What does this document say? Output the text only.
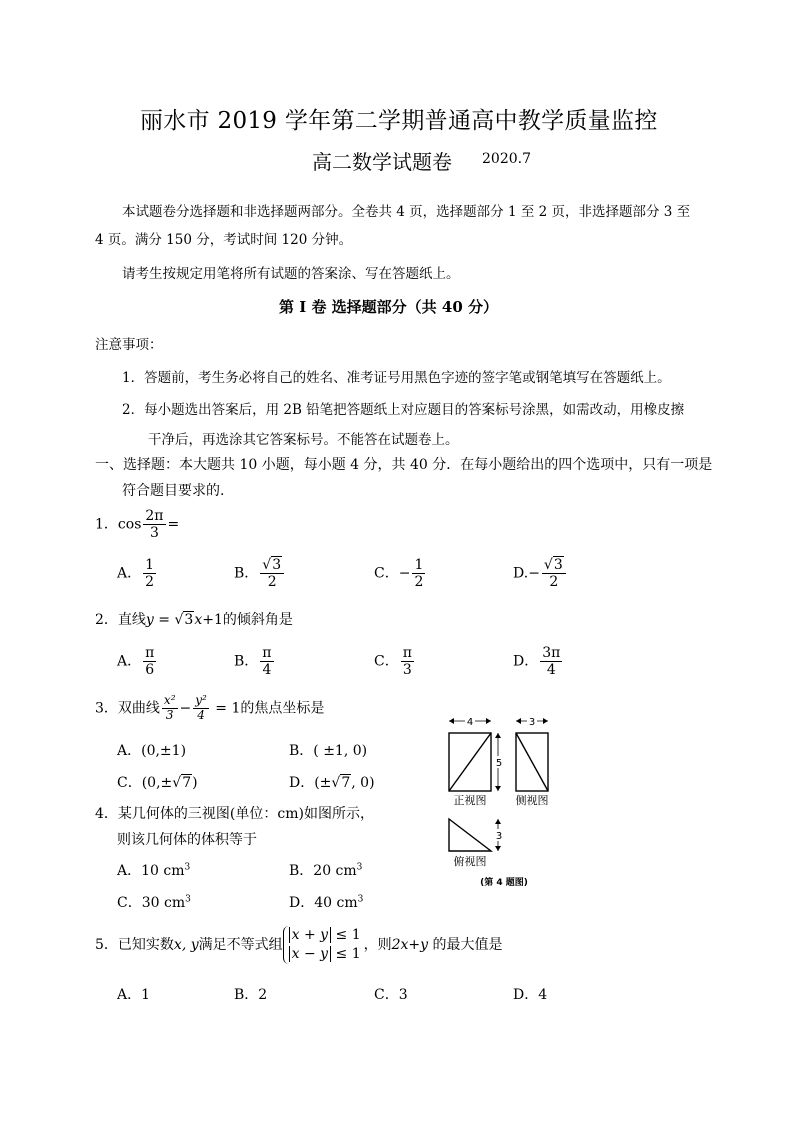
丽水市 2019 学年第二学期普通高中教学质量监控
高二数学试题卷 2020.7
本试题卷分选择题和非选择题两部分。全卷共 4 页，选择题部分 1 至 2 页，非选择题部分 3 至
4 页。满分 150 分，考试时间 120 分钟。
请考生按规定用笔将所有试题的答案涂、写在答题纸上。
第 I 卷 选择题部分（共 40 分）
注意事项：
1．答题前，考生务必将自己的姓名、准考证号用黑色字迹的签字笔或钢笔填写在答题纸上。
2．每小题选出答案后，用 2B 铅笔把答题纸上对应题目的答案标号涂黑，如需改动，用橡皮擦
干净后，再选涂其它答案标号。不能答在试题卷上。
一、选择题：本大题共 10 小题，每小题 4 分，共 40 分．在每小题给出的四个选项中，只有一项是
符合题目要求的.
1．$\cos \frac{2\pi}{3}$ =
A． $\frac{1}{2}$	B． $\frac{√3}{2}$	C．− $\frac{1}{2}$	$D.- \frac{√3}{2}$
2．直线y = √3x+1的倾斜角是
A． $\frac{\pi}{6}$	B． $\frac{\pi}{4}$	C． $\frac{\pi}{3}$	D． $\frac{3\pi}{4}$
3．双曲线 $\frac{\text{x²}}{3} - \frac{\text{y²}}{4} = 1$的焦点坐标是
A．(0,±1)	B．( ±1, 0)
C．(0,±√7)	D．(±√7, 0)
4．某几何体的三视图(单位：cm)如图所示，
则该几何体的体积等于
A．10 $cm^3$	B．20 $cm^3$
C．30 $cm^3$	D．40 $cm^3$
4	3
5
正视图	侧视图
3
俯视图
(第 4 题图)
5．已知实数x, y满足不等式组
x + y ≤ 1
x − y ≤ 1
，则2x+y 的最大值是
A．1	B．2	C．3	D．4
